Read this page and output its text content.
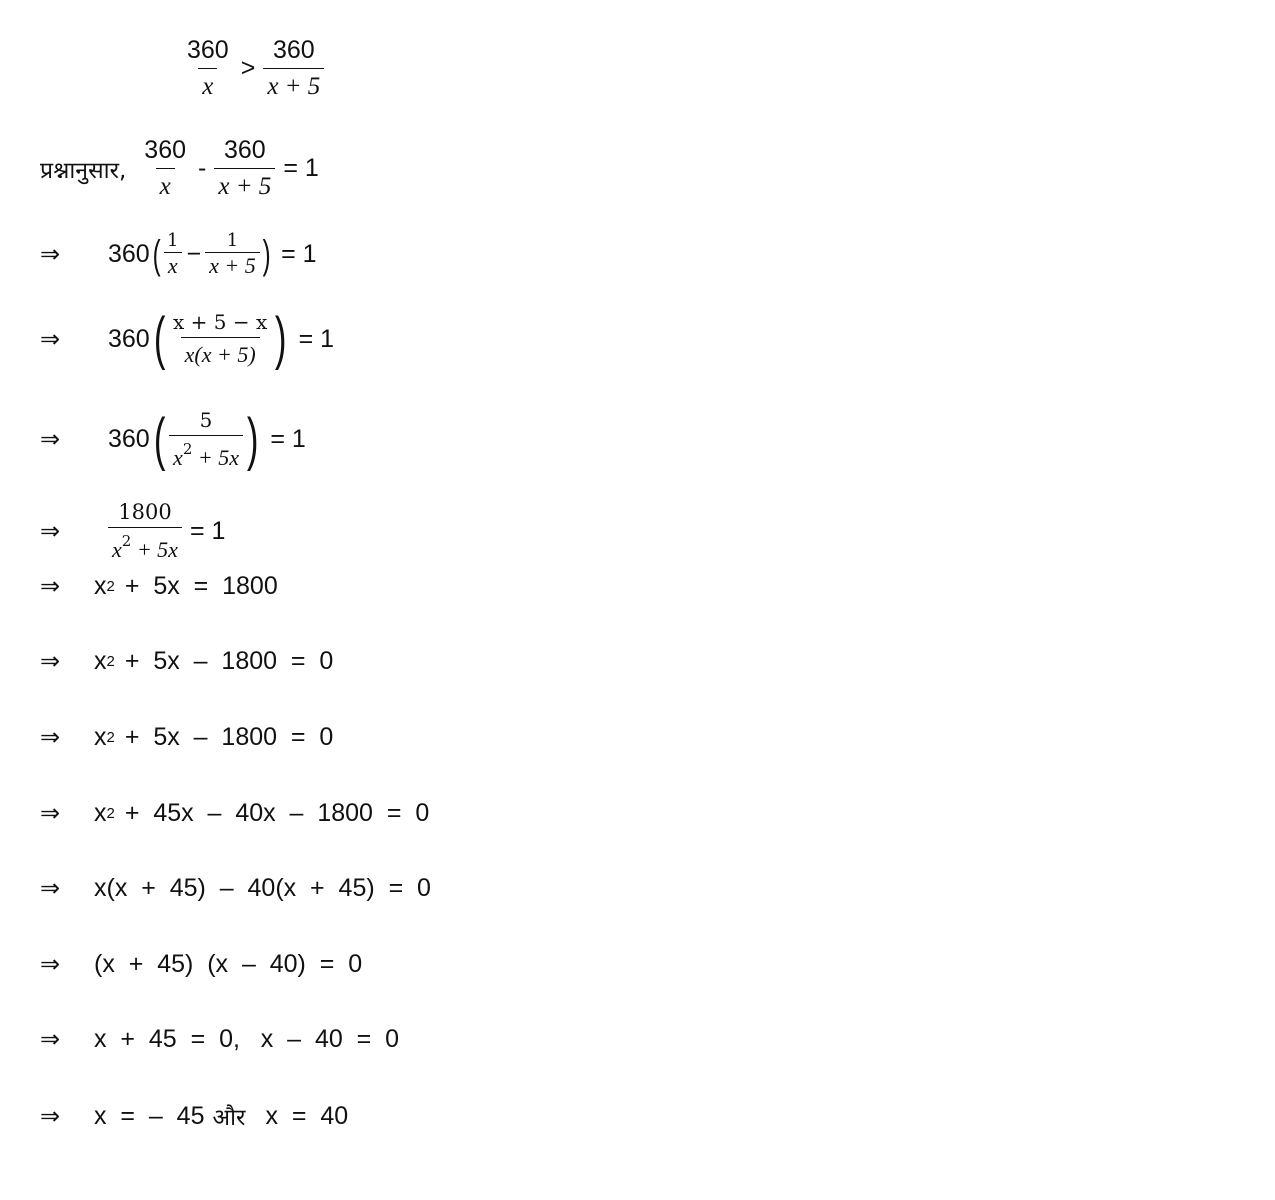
$\frac{360}{x} > \frac{360}{x + 5}$
प्रश्नानुसार, $\frac{360}{x} - \frac{360}{x + 5} = 1$
⇒	360 ( $\frac{1}{x} - \frac{1}{x + 5}$ ) = 1
⇒	360 ( $\frac{x + 5 - x}{x(x + 5)}$ ) = 1
⇒	360 ( $\frac{5}{x^2 + 5x}$ ) = 1
⇒	$\frac{1800}{x^2 + 5x} = 1$
⇒	x 2 +  5x  =  1800
⇒	x 2 +  5x  –  1800  =  0
⇒	x 2 +  5x  –  1800  =  0
⇒	x 2 +  45x  –  40x  –  1800  =  0
⇒	x(x  +  45)  –  40(x  +  45)  =  0
⇒	(x  +  45)  (x  –  40)  =  0
⇒	x  +  45  =  0,   x  –  40  =  0
⇒	x  =  –  45 और x  =  40
